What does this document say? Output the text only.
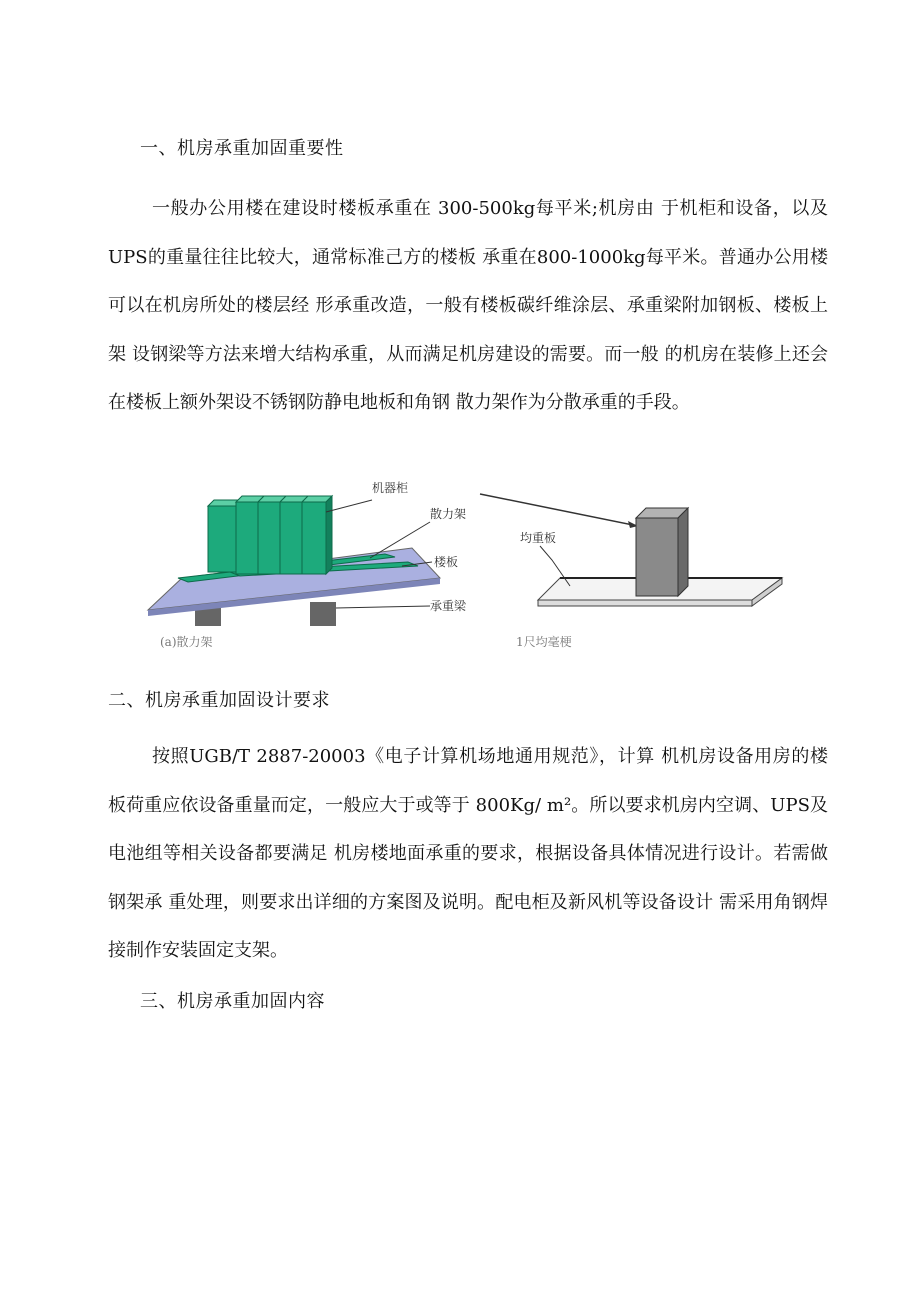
一、机房承重加固重要性
一般办公用楼在建设时楼板承重在 300-500kg每平米;机房由 于机柜和设备，以及UPS的重量往往比较大，通常标准己方的楼板 承重在800-1000kg每平米。普通办公用楼可以在机房所处的楼层经 形承重改造，一般有楼板碳纤维涂层、承重梁附加钢板、楼板上架 设钢梁等方法来增大结构承重，从而满足机房建设的需要。而一般 的机房在装修上还会在楼板上额外架设不锈钢防静电地板和角钢 散力架作为分散承重的手段。
机器柜
散力架
楼板
承重梁
均重板
(a)散力架	1尺均毫梗
二、机房承重加固设计要求
按照UGB/T 2887-20003《电子计算机场地通用规范》，计算 机机房设备用房的楼板荷重应依设备重量而定，一般应大于或等于 800Kg/ m²。所以要求机房内空调、UPS及电池组等相关设备都要满足 机房楼地面承重的要求，根据设备具体情况进行设计。若需做钢架承 重处理，则要求出详细的方案图及说明。配电柜及新风机等设备设计 需采用角钢焊接制作安装固定支架。
三、机房承重加固内容
